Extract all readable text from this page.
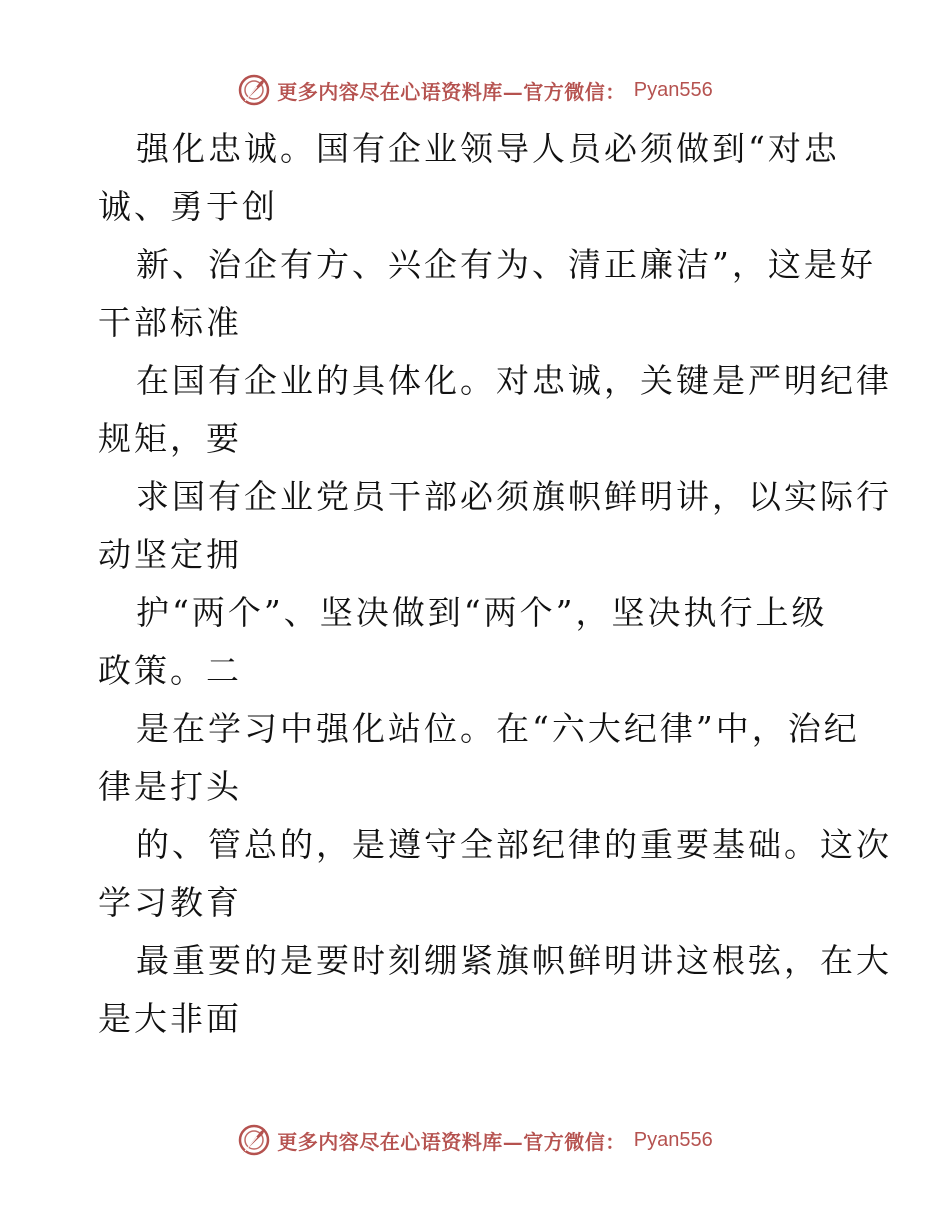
更多内容尽在心语资料库—官方微信： Pyan556
强化忠诚。国有企业领导人员必须做到“对忠
诚、勇于创
新、治企有方、兴企有为、清正廉洁”，这是好
干部标准
在国有企业的具体化。对忠诚，关键是严明纪律
规矩，要
求国有企业党员干部必须旗帜鲜明讲，以实际行
动坚定拥
护“两个”、坚决做到“两个”，坚决执行上级
政策。二
是在学习中强化站位。在“六大纪律”中，治纪
律是打头
的、管总的，是遵守全部纪律的重要基础。这次
学习教育
最重要的是要时刻绷紧旗帜鲜明讲这根弦，在大
是大非面
更多内容尽在心语资料库—官方微信： Pyan556
